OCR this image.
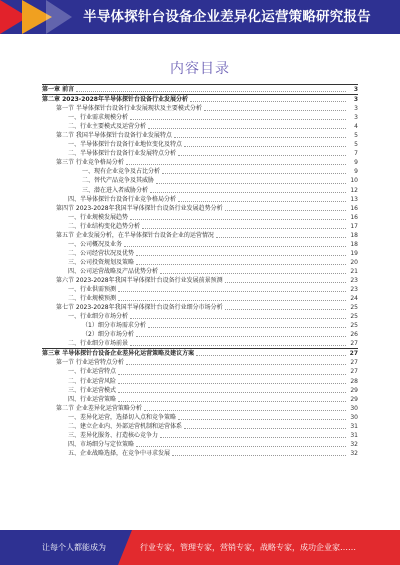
半导体探针台设备企业差异化运营策略研究报告
内容目录
第一章 前言	3
第二章 2023-2028年半导体探针台设备行业发展分析	3
第一节 半导体探针台设备行业发展现状及主要模式分析	3
一、行业需求规模分析	3
二、行业主要模式及运营分析	4
第二节 我国半导体探针台设备行业发展特点	5
一、半导体探针台设备行业地位变化及特点	5
二、半导体探针台设备行业发展特点分析	7
第三节 行业竞争格局分析	9
一、现有企业竞争及占比分析	9
二、替代产品竞争及其威胁	10
三、潜在进入者威胁分析	12
四、半导体探针台设备行业竞争格局分析	13
第四节 2023-2028年我国半导体探针台设备行业发展趋势分析	16
一、行业规模发展趋势	16
二、行业结构变化趋势分析	17
第五节 企业发展分析，在半导体探针台设备企业的运营情况	18
一、公司概况及业务	18
二、公司经营状况及优势	19
三、公司投资规划及策略	20
四、公司运营战略及产品优势分析	21
第六节 2023-2028年我国半导体探针台设备行业发展前景预测	23
一、行业供需预测	23
二、行业规模预测	24
第七节 2023-2028年我国半导体探针台设备行业细分市场分析	25
一、行业细分市场分析	25
（1）细分市场需求分析	25
（2）细分市场分析	26
二、行业细分市场前景	27
第三章 半导体探针台设备企业差异化运营策略及建议方案	27
第一节 行业运营特点分析	27
一、行业运营特点	27
二、行业运营风险	28
三、行业运营模式	29
四、行业运营策略	29
第二节 企业差异化运营策略分析	30
一、差异化运营，选择切入点和竞争策略	30
二、建立企业内、外部运营机制和运营体系	31
三、差异化服务、打造核心竞争力	31
四、市场细分与定位策略	32
五、企业战略选择，在竞争中寻求发展	32
让每个人都能成为	行业专家，管理专家，营销专家，战略专家，成功企业家……
